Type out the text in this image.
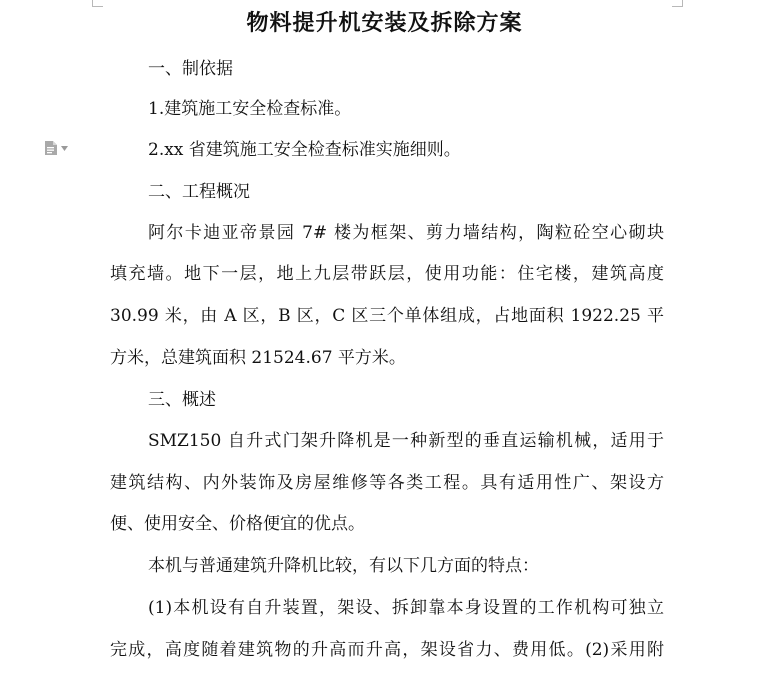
物料提升机安装及拆除方案
一、制依据
1.建筑施工安全检查标准。
2.xx 省建筑施工安全检查标准实施细则。
二、工程概况
阿尔卡迪亚帝景园 7# 楼为框架、剪力墙结构，陶粒砼空心砌块
填充墙。地下一层，地上九层带跃层，使用功能：住宅楼，建筑高度
30.99 米，由 A 区，B 区，C 区三个单体组成，占地面积 1922.25 平
方米，总建筑面积 21524.67 平方米。
三、概述
SMZ150 自升式门架升降机是一种新型的垂直运输机械，适用于
建筑结构、内外装饰及房屋维修等各类工程。具有适用性广、架设方
便、使用安全、价格便宜的优点。
本机与普通建筑升降机比较，有以下几方面的特点：
(1)本机设有自升装置，架设、拆卸靠本身设置的工作机构可独立
完成，高度随着建筑物的升高而升高，架设省力、费用低。(2)采用附
